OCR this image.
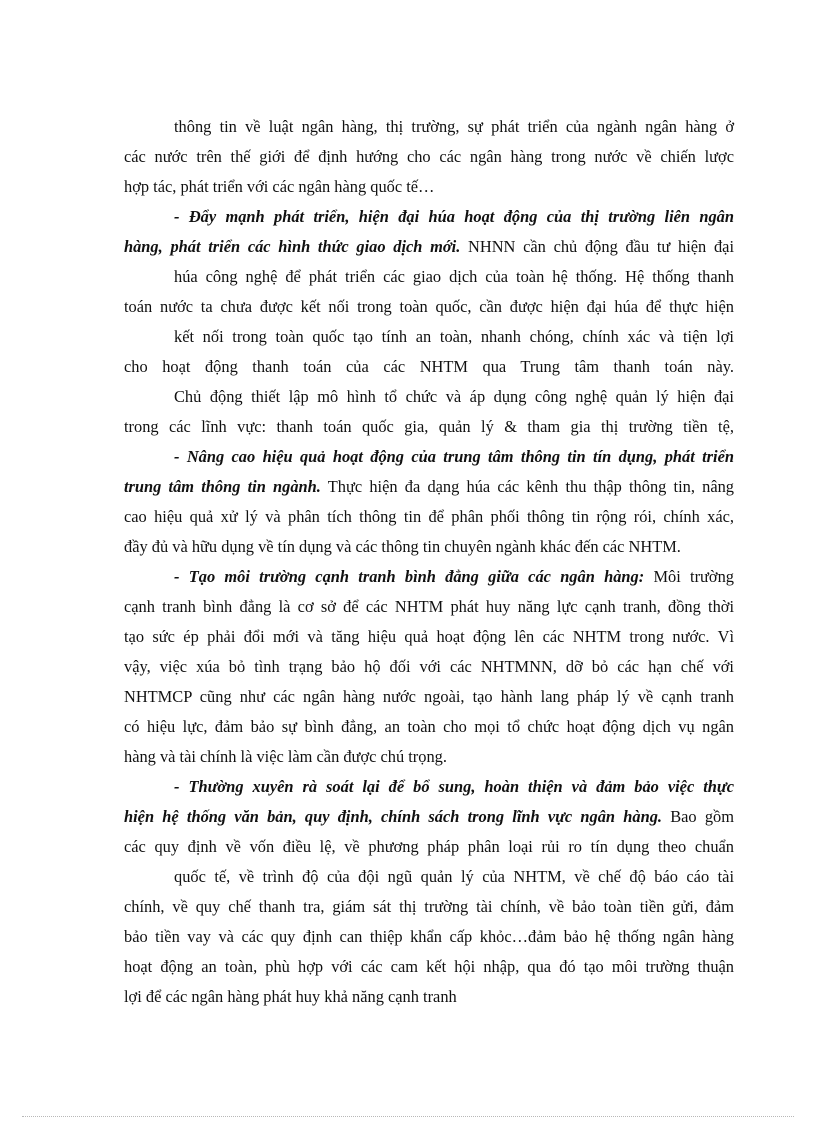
thông tin về luật ngân hàng, thị trường, sự phát triển của ngành ngân hàng ở
các nước trên thế giới để định hướng cho các ngân hàng trong nước về chiến lược
hợp tác, phát triển với các ngân hàng quốc tế…
- Đẩy mạnh phát triển, hiện đại húa hoạt động của thị trường liên ngân
hàng, phát triển các hình thức giao dịch mới. NHNN cần chủ động đầu tư hiện đại
húa công nghệ để phát triển các giao dịch của toàn hệ thống. Hệ thống thanh
toán nước ta chưa được kết nối trong toàn quốc, cần được hiện đại húa để thực hiện
kết nối trong toàn quốc tạo tính an toàn, nhanh chóng, chính xác và tiện lợi
cho hoạt động thanh toán của các NHTM qua Trung tâm thanh toán này.
Chủ động thiết lập mô hình tổ chức và áp dụng công nghệ quản lý hiện đại
trong các lĩnh vực: thanh toán quốc gia, quản lý & tham gia thị trường tiền tệ,
- Nâng cao hiệu quả hoạt động của trung tâm thông tin tín dụng, phát triển
trung tâm thông tin ngành. Thực hiện đa dạng húa các kênh thu thập thông tin, nâng
cao hiệu quả xử lý và phân tích thông tin để phân phối thông tin rộng rói, chính xác,
đầy đủ và hữu dụng về tín dụng và các thông tin chuyên ngành khác đến các NHTM.
- Tạo môi trường cạnh tranh bình đẳng giữa các ngân hàng: Môi trường
cạnh tranh bình đẳng là cơ sở để các NHTM phát huy năng lực cạnh tranh, đồng thời
tạo sức ép phải đổi mới và tăng hiệu quả hoạt động lên các NHTM trong nước. Vì
vậy, việc xúa bỏ tình trạng bảo hộ đối với các NHTMNN, dỡ bỏ các hạn chế với
NHTMCP cũng như các ngân hàng nước ngoài, tạo hành lang pháp lý về cạnh tranh
có hiệu lực, đảm bảo sự bình đẳng, an toàn cho mọi tổ chức hoạt động dịch vụ ngân
hàng và tài chính là việc làm cần được chú trọng.
- Thường xuyên rà soát lại để bổ sung, hoàn thiện và đảm bảo việc thực
hiện hệ thống văn bản, quy định, chính sách trong lĩnh vực ngân hàng. Bao gồm
các quy định về vốn điều lệ, về phương pháp phân loại rủi ro tín dụng theo chuẩn
quốc tế, về trình độ của đội ngũ quản lý của NHTM, về chế độ báo cáo tài
chính, về quy chế thanh tra, giám sát thị trường tài chính, về bảo toàn tiền gửi, đảm
bảo tiền vay và các quy định can thiệp khẩn cấp khỏc…đảm bảo hệ thống ngân hàng
hoạt động an toàn, phù hợp với các cam kết hội nhập, qua đó tạo môi trường thuận
lợi để các ngân hàng phát huy khả năng cạnh tranh
